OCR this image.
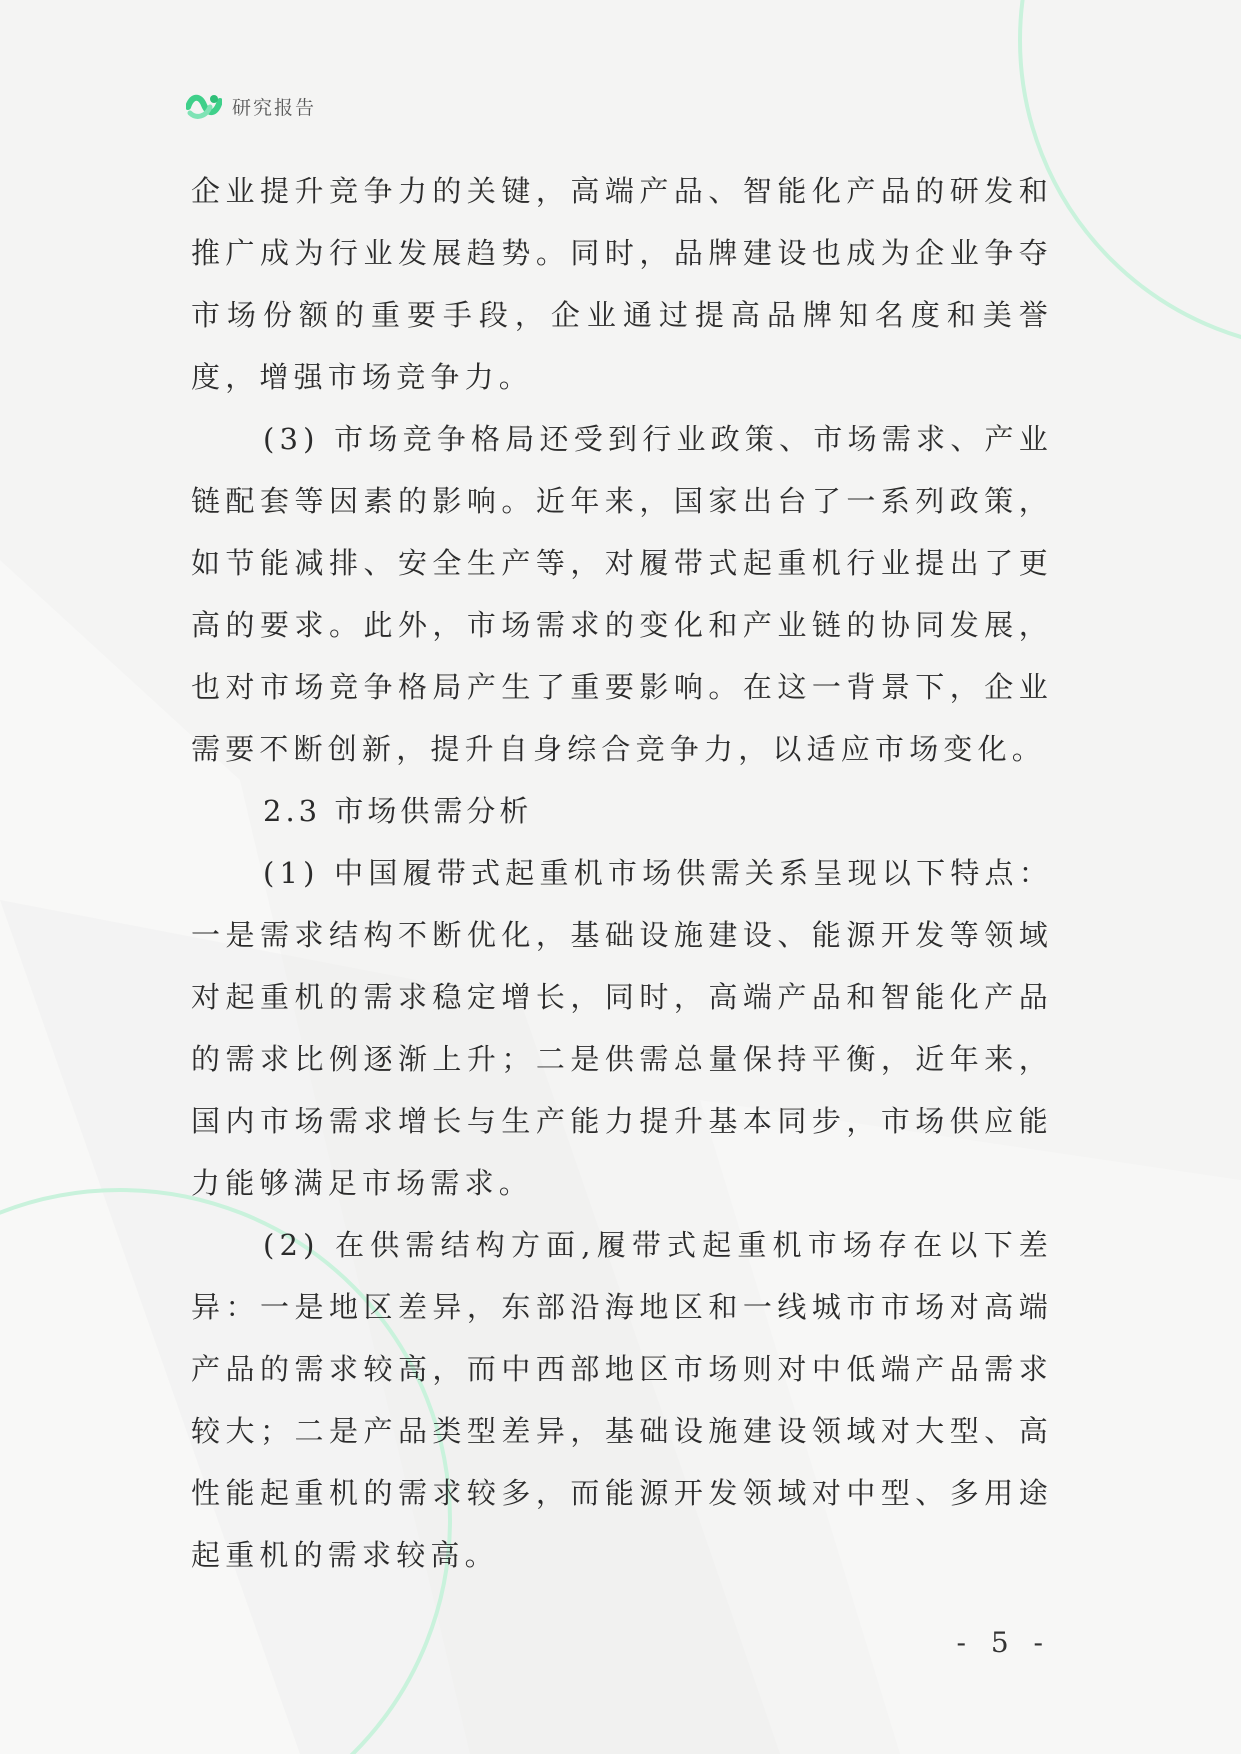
研究报告

企业提升竞争力的关键，高端产品、智能化产品的研发和推广成为行业发展趋势。同时，品牌建设也成为企业争夺市场份额的重要手段，企业通过提高品牌知名度和美誉度，增强市场竞争力。

(3) 市场竞争格局还受到行业政策、市场需求、产业链配套等因素的影响。近年来，国家出台了一系列政策，如节能减排、安全生产等，对履带式起重机行业提出了更高的要求。此外，市场需求的变化和产业链的协同发展，也对市场竞争格局产生了重要影响。在这一背景下，企业需要不断创新，提升自身综合竞争力，以适应市场变化。

2.3 市场供需分析

(1) 中国履带式起重机市场供需关系呈现以下特点：一是需求结构不断优化，基础设施建设、能源开发等领域对起重机的需求稳定增长，同时，高端产品和智能化产品的需求比例逐渐上升；二是供需总量保持平衡，近年来，国内市场需求增长与生产能力提升基本同步，市场供应能力能够满足市场需求。

(2) 在供需结构方面,履带式起重机市场存在以下差异：一是地区差异，东部沿海地区和一线城市市场对高端产品的需求较高，而中西部地区市场则对中低端产品需求较大；二是产品类型差异，基础设施建设领域对大型、高性能起重机的需求较多，而能源开发领域对中型、多用途起重机的需求较高。

- 5 -
